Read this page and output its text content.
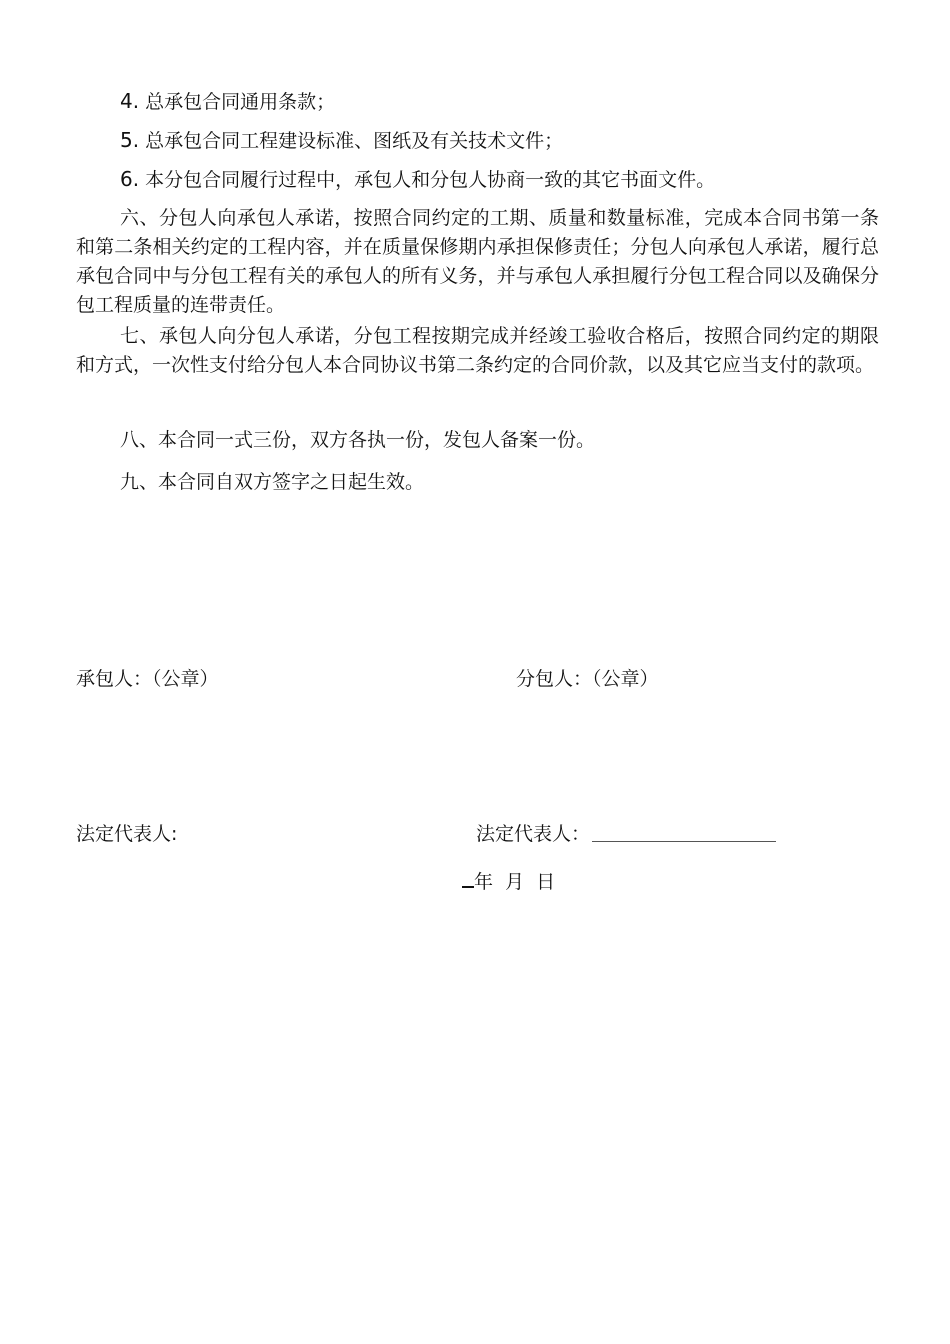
4. 总承包合同通用条款；
5. 总承包合同工程建设标准、图纸及有关技术文件；
6. 本分包合同履行过程中，承包人和分包人协商一致的其它书面文件。
六、分包人向承包人承诺，按照合同约定的工期、质量和数量标准，完成本合同书第一条和第二条相关约定的工程内容，并在质量保修期内承担保修责任；分包人向承包人承诺，履行总承包合同中与分包工程有关的承包人的所有义务，并与承包人承担履行分包工程合同以及确保分包工程质量的连带责任。
七、承包人向分包人承诺，分包工程按期完成并经竣工验收合格后，按照合同约定的期限和方式，一次性支付给分包人本合同协议书第二条约定的合同价款，以及其它应当支付的款项。
八、本合同一式三份，双方各执一份，发包人备案一份。
九、本合同自双方签字之日起生效。
承包人：（公章）	分包人：（公章）
法定代表人:	法定代表人：
年  月  日
